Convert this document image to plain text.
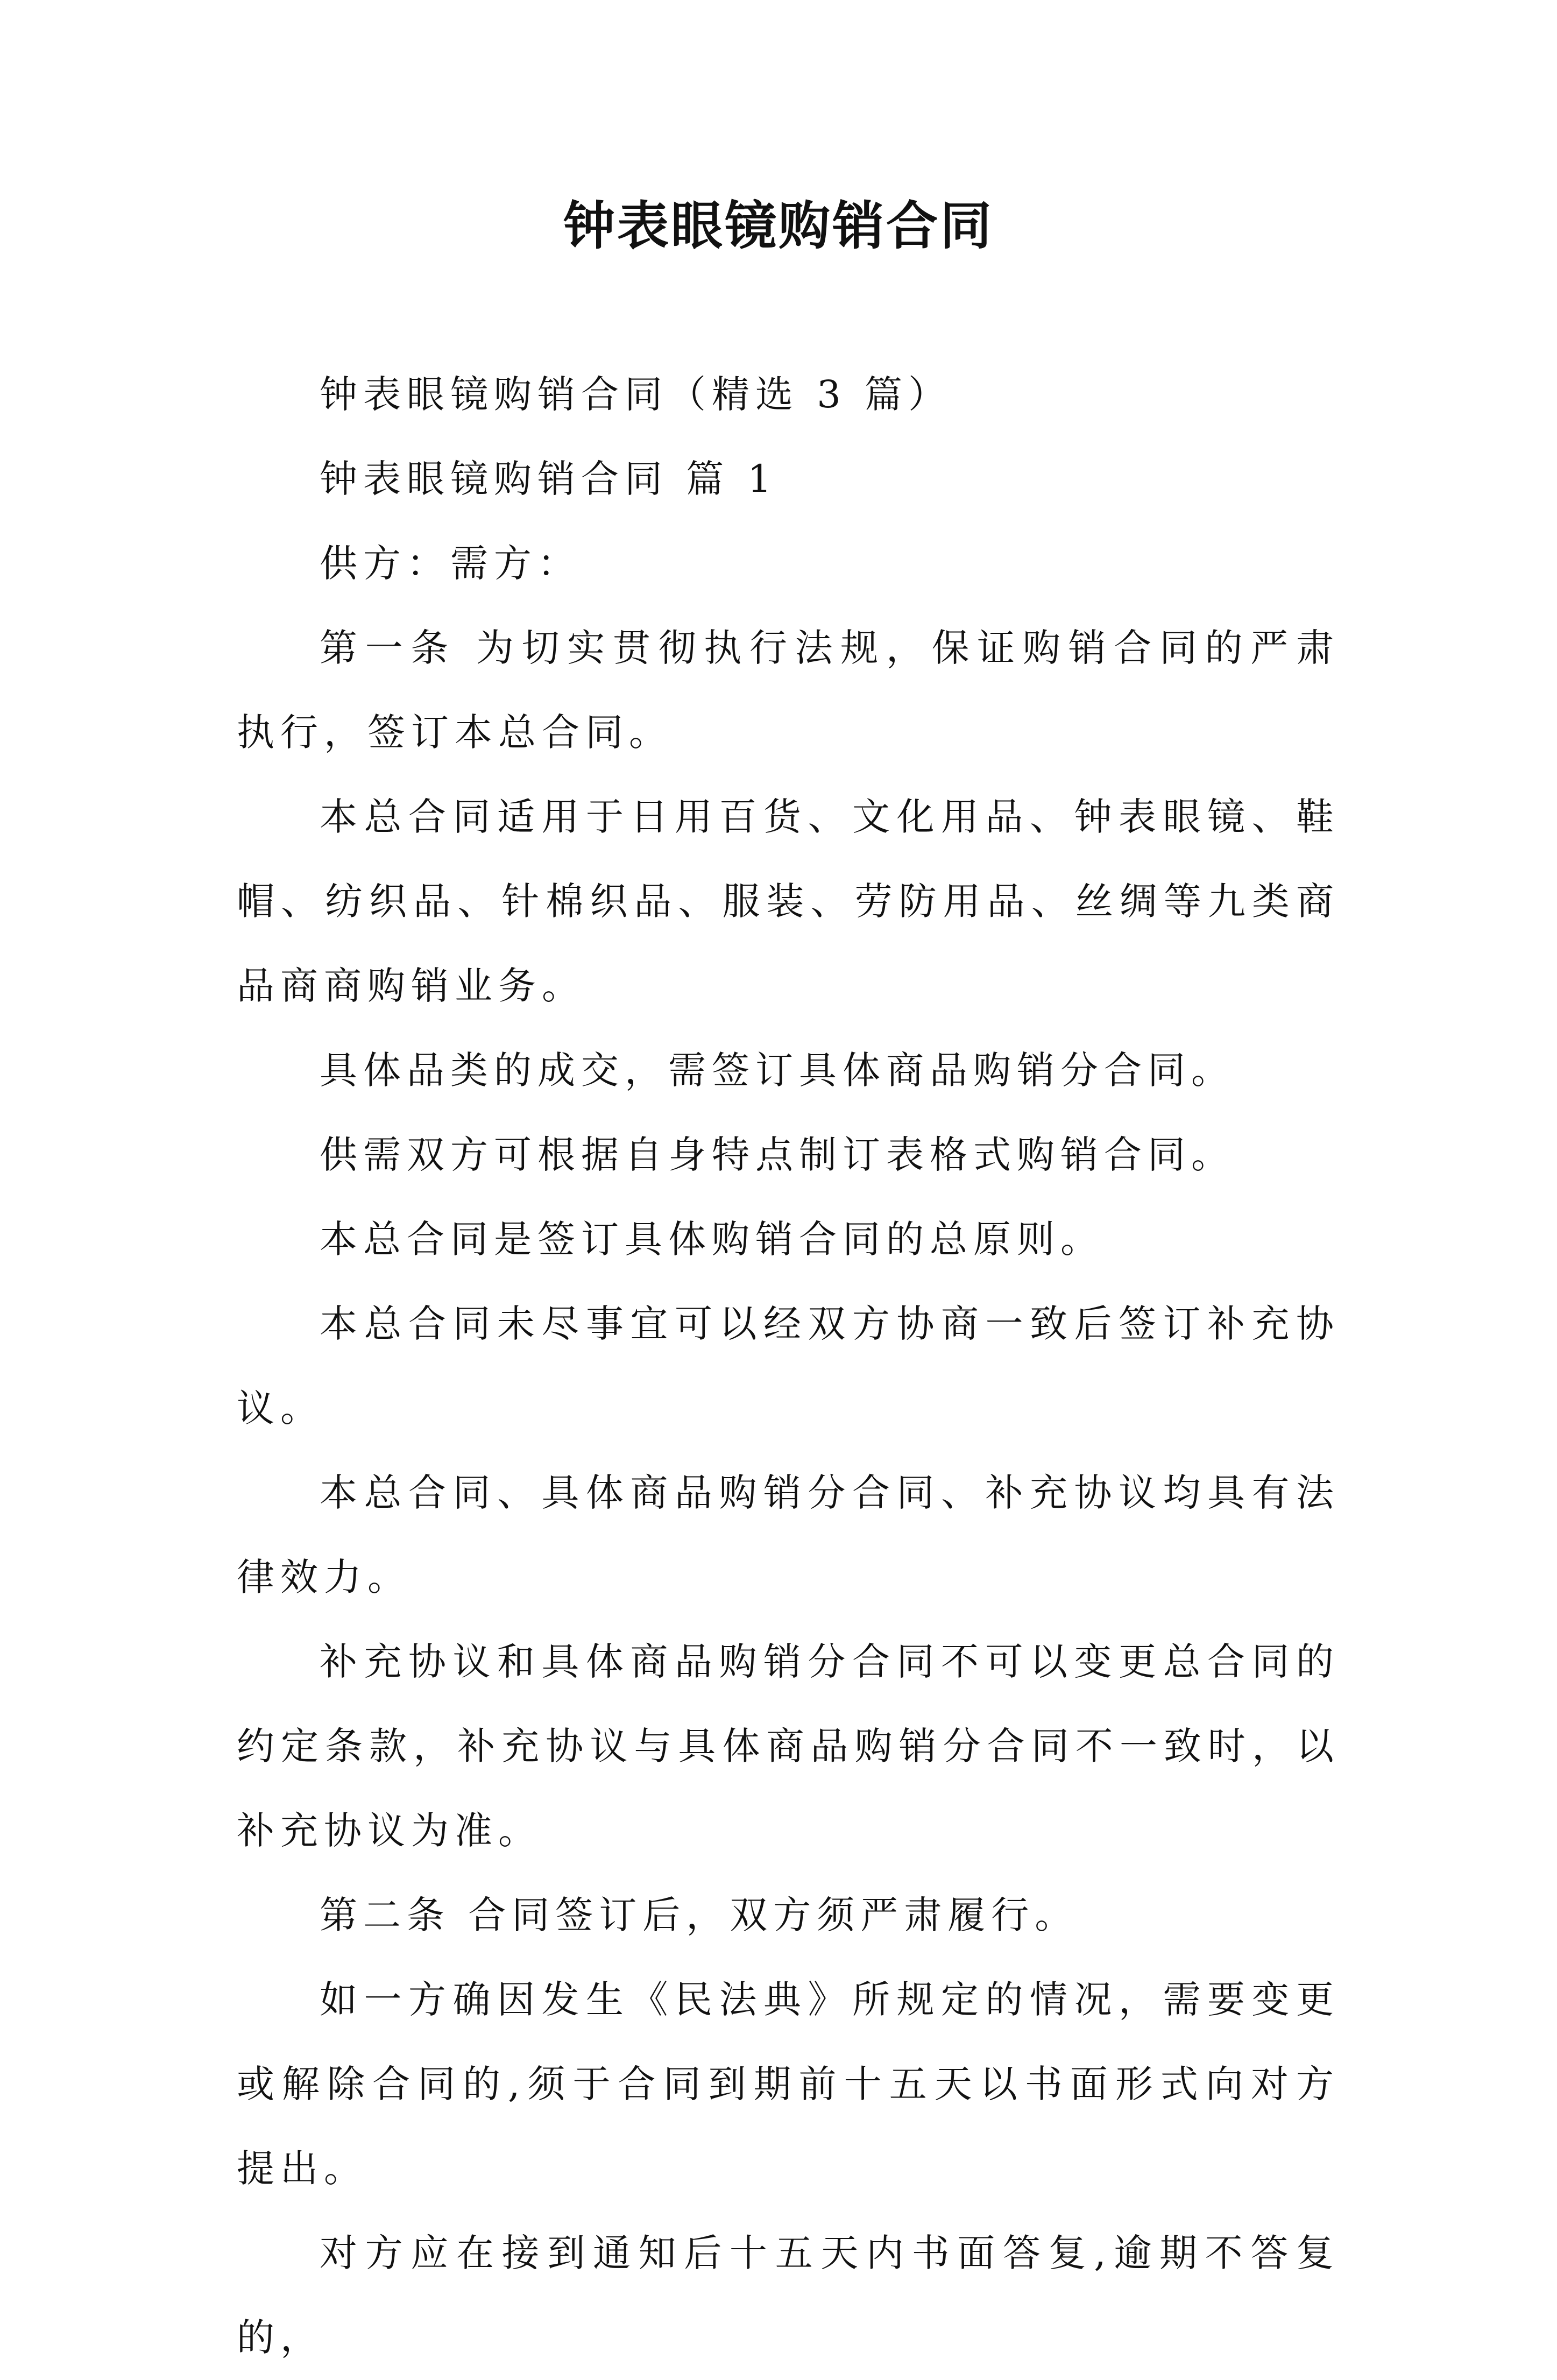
钟表眼镜购销合同

钟表眼镜购销合同（精选 3 篇）

钟表眼镜购销合同 篇 1

供方：需方：

第一条 为切实贯彻执行法规，保证购销合同的严肃执行，签订本总合同。

本总合同适用于日用百货、文化用品、钟表眼镜、鞋帽、纺织品、针棉织品、服装、劳防用品、丝绸等九类商品商商购销业务。

具体品类的成交，需签订具体商品购销分合同。

供需双方可根据自身特点制订表格式购销合同。

本总合同是签订具体购销合同的总原则。

本总合同未尽事宜可以经双方协商一致后签订补充协议。

本总合同、具体商品购销分合同、补充协议均具有法律效力。

补充协议和具体商品购销分合同不可以变更总合同的约定条款，补充协议与具体商品购销分合同不一致时，以补充协议为准。

第二条 合同签订后，双方须严肃履行。

如一方确因发生《民法典》所规定的情况，需要变更或解除合同的,须于合同到期前十五天以书面形式向对方提出。

对方应在接到通知后十五天内书面答复,逾期不答复的，
